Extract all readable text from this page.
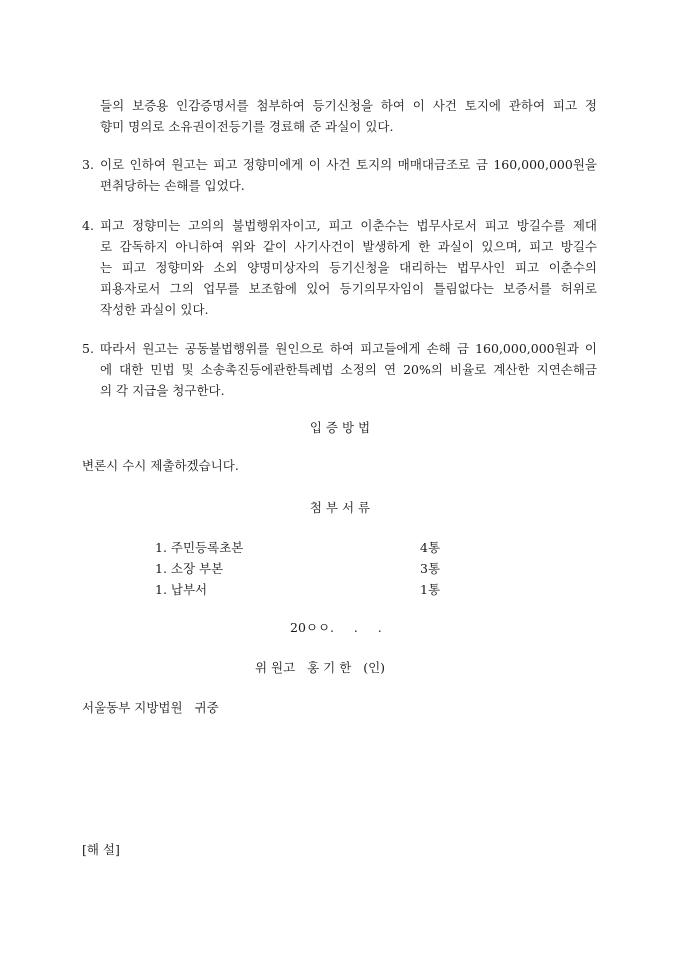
들의 보증용 인감증명서를 첨부하여 등기신청을 하여 이 사건 토지에 관하여 피고 정
향미 명의로 소유권이전등기를 경료해 준 과실이 있다.
3. 이로 인하여 원고는 피고 정향미에게 이 사건 토지의 매매대금조로 금 160,000,000원을
편취당하는 손해를 입었다.
4. 피고 정향미는 고의의 불법행위자이고, 피고 이춘수는 법무사로서 피고 방길수를 제대
로 감독하지 아니하여 위와 같이 사기사건이 발생하게 한 과실이 있으며, 피고 방길수
는 피고 정향미와 소외 양명미상자의 등기신청을 대리하는 법무사인 피고 이춘수의
피용자로서 그의 업무를 보조함에 있어 등기의무자임이 틀림없다는 보증서를 허위로
작성한 과실이 있다.
5. 따라서 원고는 공동불법행위를 원인으로 하여 피고들에게 손해 금 160,000,000원과 이
에 대한 민법 및 소송촉진등에관한특례법 소정의 연 20%의 비율로 계산한 지연손해금
의 각 지급을 청구한다.
입 증 방 법
변론시 수시 제출하겠습니다.
첨 부 서 류
1. 주민등록초본	4통
1. 소장 부본	3통
1. 납부서	1통
20ㅇㅇ.     .     .
위 원고   홍 기 한   (인)
서울동부 지방법원   귀중
[해 설]
